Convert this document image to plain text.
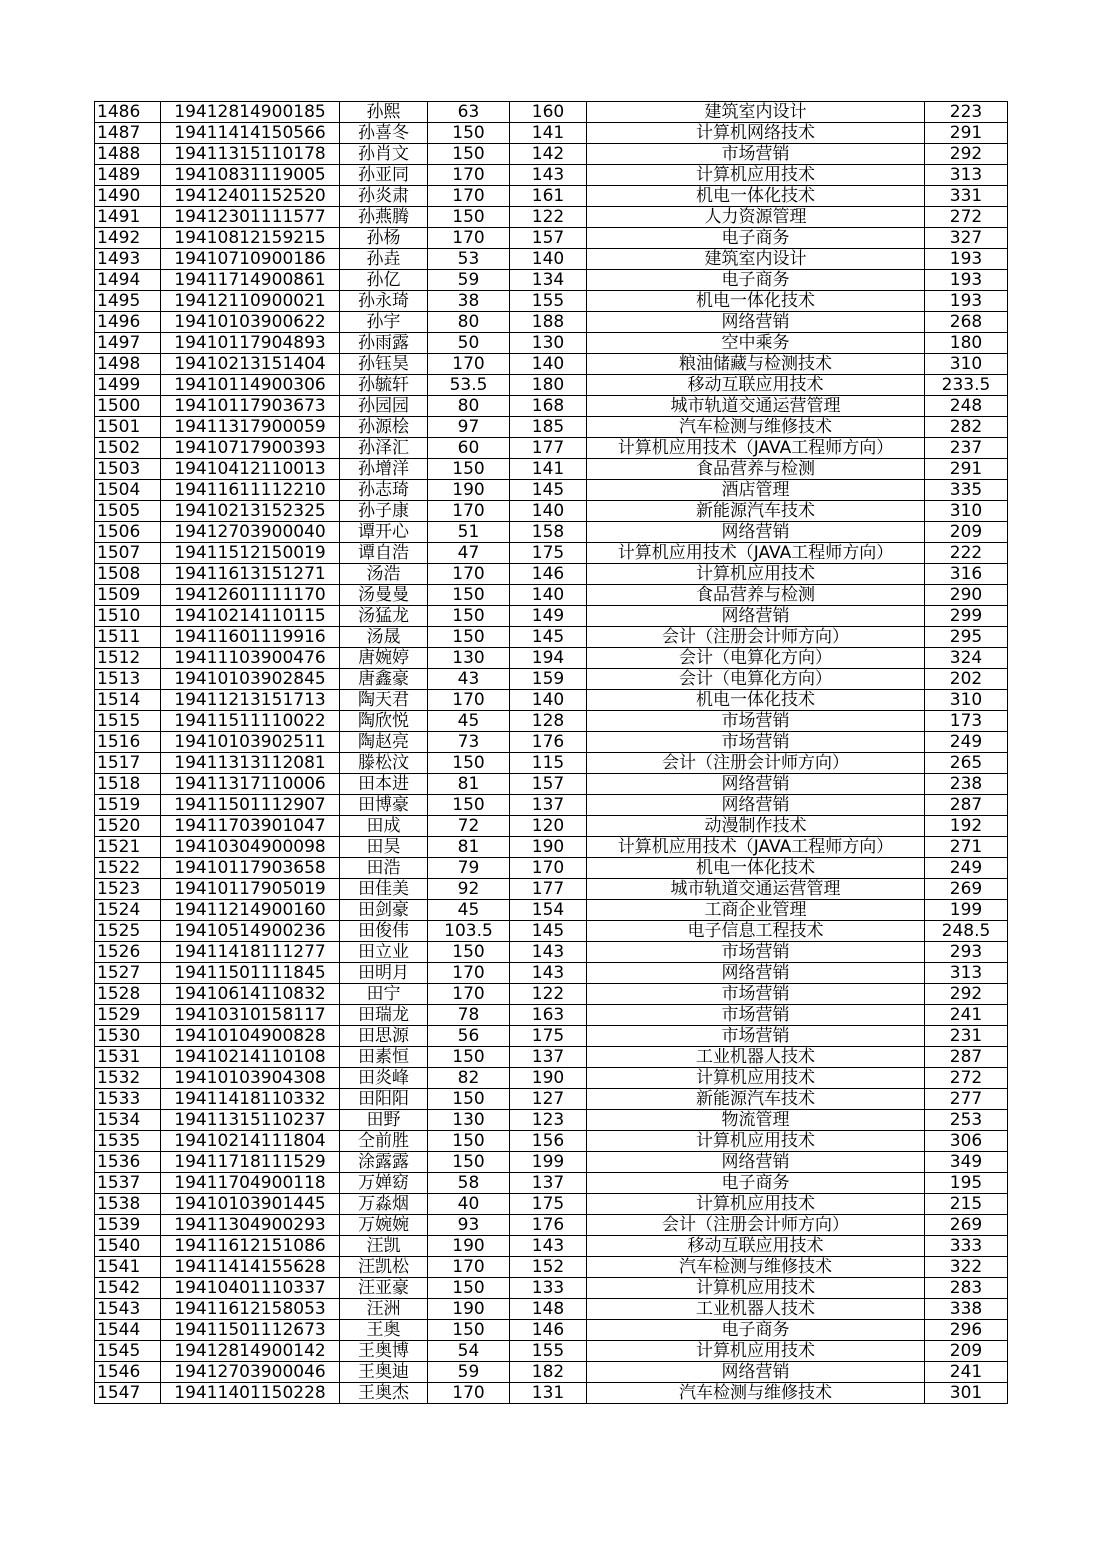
1486	19412814900185	孙熙	63	160	建筑室内设计	223
1487	19411414150566	孙喜冬	150	141	计算机网络技术	291
1488	19411315110178	孙肖文	150	142	市场营销	292
1489	19410831119005	孙亚同	170	143	计算机应用技术	313
1490	19412401152520	孙炎肃	170	161	机电一体化技术	331
1491	19412301111577	孙燕腾	150	122	人力资源管理	272
1492	19410812159215	孙杨	170	157	电子商务	327
1493	19410710900186	孙垚	53	140	建筑室内设计	193
1494	19411714900861	孙亿	59	134	电子商务	193
1495	19412110900021	孙永琦	38	155	机电一体化技术	193
1496	19410103900622	孙宇	80	188	网络营销	268
1497	19410117904893	孙雨露	50	130	空中乘务	180
1498	19410213151404	孙钰昊	170	140	粮油储藏与检测技术	310
1499	19410114900306	孙毓轩	53.5	180	移动互联应用技术	233.5
1500	19410117903673	孙园园	80	168	城市轨道交通运营管理	248
1501	19411317900059	孙源桧	97	185	汽车检测与维修技术	282
1502	19410717900393	孙泽汇	60	177	计算机应用技术（JAVA工程师方向）	237
1503	19410412110013	孙增洋	150	141	食品营养与检测	291
1504	19411611112210	孙志琦	190	145	酒店管理	335
1505	19410213152325	孙子康	170	140	新能源汽车技术	310
1506	19412703900040	谭开心	51	158	网络营销	209
1507	19411512150019	谭自浩	47	175	计算机应用技术（JAVA工程师方向）	222
1508	19411613151271	汤浩	170	146	计算机应用技术	316
1509	19412601111170	汤曼曼	150	140	食品营养与检测	290
1510	19410214110115	汤猛龙	150	149	网络营销	299
1511	19411601119916	汤晟	150	145	会计（注册会计师方向）	295
1512	19411103900476	唐婉婷	130	194	会计（电算化方向）	324
1513	19410103902845	唐鑫豪	43	159	会计（电算化方向）	202
1514	19411213151713	陶天君	170	140	机电一体化技术	310
1515	19411511110022	陶欣悦	45	128	市场营销	173
1516	19410103902511	陶赵亮	73	176	市场营销	249
1517	19411313112081	滕松汶	150	115	会计（注册会计师方向）	265
1518	19411317110006	田本进	81	157	网络营销	238
1519	19411501112907	田博豪	150	137	网络营销	287
1520	19411703901047	田成	72	120	动漫制作技术	192
1521	19410304900098	田昊	81	190	计算机应用技术（JAVA工程师方向）	271
1522	19410117903658	田浩	79	170	机电一体化技术	249
1523	19410117905019	田佳美	92	177	城市轨道交通运营管理	269
1524	19411214900160	田剑豪	45	154	工商企业管理	199
1525	19410514900236	田俊伟	103.5	145	电子信息工程技术	248.5
1526	19411418111277	田立业	150	143	市场营销	293
1527	19411501111845	田明月	170	143	网络营销	313
1528	19410614110832	田宁	170	122	市场营销	292
1529	19410310158117	田瑞龙	78	163	市场营销	241
1530	19410104900828	田思源	56	175	市场营销	231
1531	19410214110108	田素恒	150	137	工业机器人技术	287
1532	19410103904308	田炎峰	82	190	计算机应用技术	272
1533	19411418110332	田阳阳	150	127	新能源汽车技术	277
1534	19411315110237	田野	130	123	物流管理	253
1535	19410214111804	仝前胜	150	156	计算机应用技术	306
1536	19411718111529	涂露露	150	199	网络营销	349
1537	19411704900118	万婵窈	58	137	电子商务	195
1538	19410103901445	万淼烟	40	175	计算机应用技术	215
1539	19411304900293	万婉婉	93	176	会计（注册会计师方向）	269
1540	19411612151086	汪凯	190	143	移动互联应用技术	333
1541	19411414155628	汪凯松	170	152	汽车检测与维修技术	322
1542	19410401110337	汪亚豪	150	133	计算机应用技术	283
1543	19411612158053	汪洲	190	148	工业机器人技术	338
1544	19411501112673	王奥	150	146	电子商务	296
1545	19412814900142	王奥博	54	155	计算机应用技术	209
1546	19412703900046	王奥迪	59	182	网络营销	241
1547	19411401150228	王奥杰	170	131	汽车检测与维修技术	301
